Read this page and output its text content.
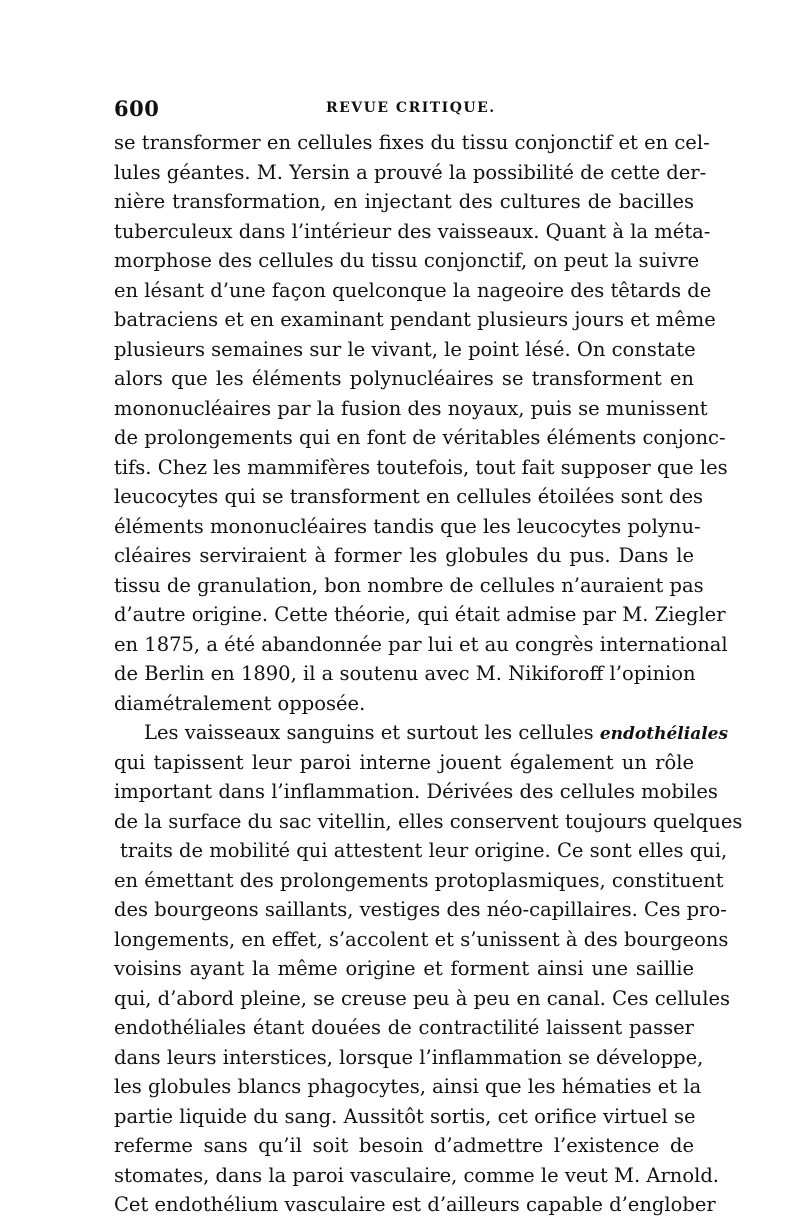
600	REVUE CRITIQUE.
se transformer en cellules fixes du tissu conjonctif et en cel-
lules géantes. M. Yersin a prouvé la possibilité de cette der-
nière transformation, en injectant des cultures de bacilles
tuberculeux dans l’intérieur des vaisseaux. Quant à la méta-
morphose des cellules du tissu conjonctif, on peut la suivre
en lésant d’une façon quelconque la nageoire des têtards de
batraciens et en examinant pendant plusieurs jours et même
plusieurs semaines sur le vivant, le point lésé. On constate
alors que les éléments polynucléaires se transforment en
mononucléaires par la fusion des noyaux, puis se munissent
de prolongements qui en font de véritables éléments conjonc-
tifs. Chez les mammifères toutefois, tout fait supposer que les
leucocytes qui se transforment en cellules étoilées sont des
éléments mononucléaires tandis que les leucocytes polynu-
cléaires serviraient à former les globules du pus. Dans le
tissu de granulation, bon nombre de cellules n’auraient pas
d’autre origine. Cette théorie, qui était admise par M. Ziegler
en 1875, a été abandonnée par lui et au congrès international
de Berlin en 1890, il a soutenu avec M. Nikiforoff l’opinion
diamétralement opposée.
Les vaisseaux sanguins et surtout les cellules endothéliales
qui tapissent leur paroi interne jouent également un rôle
important dans l’inflammation. Dérivées des cellules mobiles
de la surface du sac vitellin, elles conservent toujours quelques
traits de mobilité qui attestent leur origine. Ce sont elles qui,
en émettant des prolongements protoplasmiques, constituent
des bourgeons saillants, vestiges des néo-capillaires. Ces pro-
longements, en effet, s’accolent et s’unissent à des bourgeons
voisins ayant la même origine et forment ainsi une saillie
qui, d’abord pleine, se creuse peu à peu en canal. Ces cellules
endothéliales étant douées de contractilité laissent passer
dans leurs interstices, lorsque l’inflammation se développe,
les globules blancs phagocytes, ainsi que les hématies et la
partie liquide du sang. Aussitôt sortis, cet orifice virtuel se
referme sans qu’il soit besoin d’admettre l’existence de
stomates, dans la paroi vasculaire, comme le veut M. Arnold.
Cet endothélium vasculaire est d’ailleurs capable d’englober
